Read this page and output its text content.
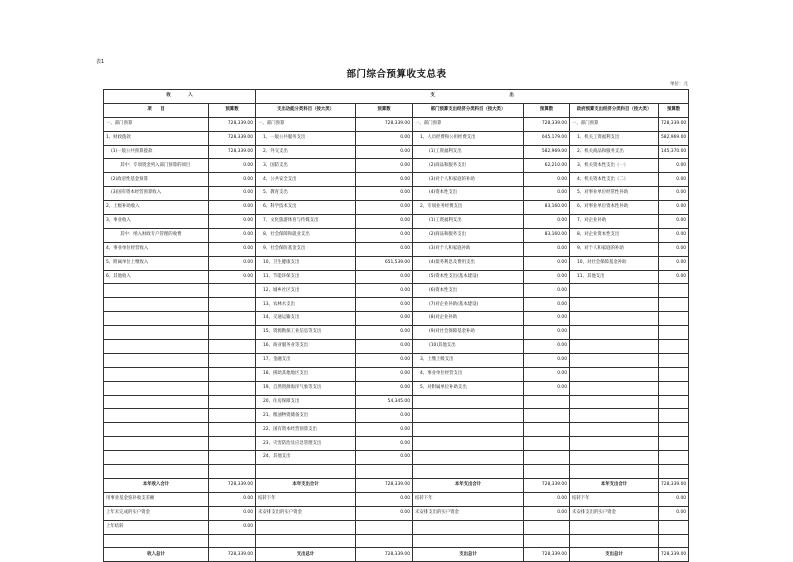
表1
部门综合预算收支总表
单位：元
收　　　　入		支　　　　　　　　　　　　　　　　　出					
项　　目	预算数	支出功能分类科目（按大类）	预算数	部门预算支出经济分类科目（按大类）	预算数	政府预算支出经济分类科目（按大类）	预算数
一、部门预算	728,339.00	一、部门预算	728,339.00	一、部门预算	728,339.00	一、部门预算	728,339.00
1、财政拨款	728,339.00	1、一般公共服务支出	0.00	1、人员经费和公用经费支出	645,179.00	1、机关工资福利支出	582,969.00
(1)一般公共预算拨款	728,339.00	2、外交支出	0.00	(1)工资福利支出	582,969.00	2、机关商品和服务支出	145,370.00
其中：专项资金列入部门预算的项目	0.00	3、国防支出	0.00	(2)商品和服务支出	62,210.00	3、机关资本性支出（一）	0.00
(2)政府性基金预算	0.00	4、公共安全支出	0.00	(3)对个人和家庭的补助	0.00	4、机关资本性支出（二）	0.00
(3)国有资本经营预算收入	0.00	5、教育支出	0.00	(4)资本性支出	0.00	5、对事业单位经常性补助	0.00
2、上级补助收入	0.00	6、科学技术支出	0.00	2、专项业务经费支出	83,160.00	6、对事业单位资本性补助	0.00
3、事业收入	0.00	7、文化旅游体育与传媒支出	0.00	(1)工资福利支出	0.00	7、对企业补助	0.00
其中：纳入财政专户管理的收费	0.00	8、社会保障和就业支出	0.00	(2)商品和服务支出	83,160.00	8、对企业资本性支出	0.00
4、事业单位经营收入	0.00	9、社会保险基金支出	0.00	(3)对个人和家庭补助	0.00	9、对个人和家庭的补助	0.00
5、附属单位上缴收入	0.00	10、卫生健康支出	651,539.00	(4)债务利息及费用支出	0.00	10、对社会保障基金补助	0.00
6、其他收入	0.00	11、节能环保支出	0.00	(5)资本性支出(基本建设)	0.00	11、其他支出	0.00
		12、城乡社区支出	0.00	(6)资本性支出	0.00		
		13、农林水支出	0.00	(7)对企业补助(基本建设)	0.00		
		14、交通运输支出	0.00	(8)对企业补助	0.00		
		15、资源勘探工业信息等支出	0.00	(9)对社会保障基金补助	0.00		
		16、商业服务业等支出	0.00	(10)其他支出	0.00		
		17、金融支出	0.00	3、上缴上级支出	0.00		
		18、援助其他地区支出	0.00	4、事业单位经营支出	0.00		
		19、自然资源海洋气象等支出	0.00	5、对附属单位补助支出	0.00		
		20、住房保障支出	54,345.00				
		21、粮油物资储备支出	0.00				
		22、国有资本经营预算支出	0.00				
		23、灾害防治及应急管理支出	0.00				
		24、其他支出	0.00				

本年收入合计	728,339.00	本年支出合计	728,339.00	本年支出合计	728,339.00	本年支出合计	728,339.00
用事业基金弥补收支差额	0.00	结转下年	0.00	结转下年	0.00	结转下年	0.00
上年未完成的实户资金	0.00	未安排支出的实户资金	0.00	未安排支出的实户资金	0.00	未安排支出的实户资金	0.00
上年结转	0.00						

收入总计	728,339.00	支出总计	728,339.00	支出总计	728,339.00	支出总计	728,339.00
